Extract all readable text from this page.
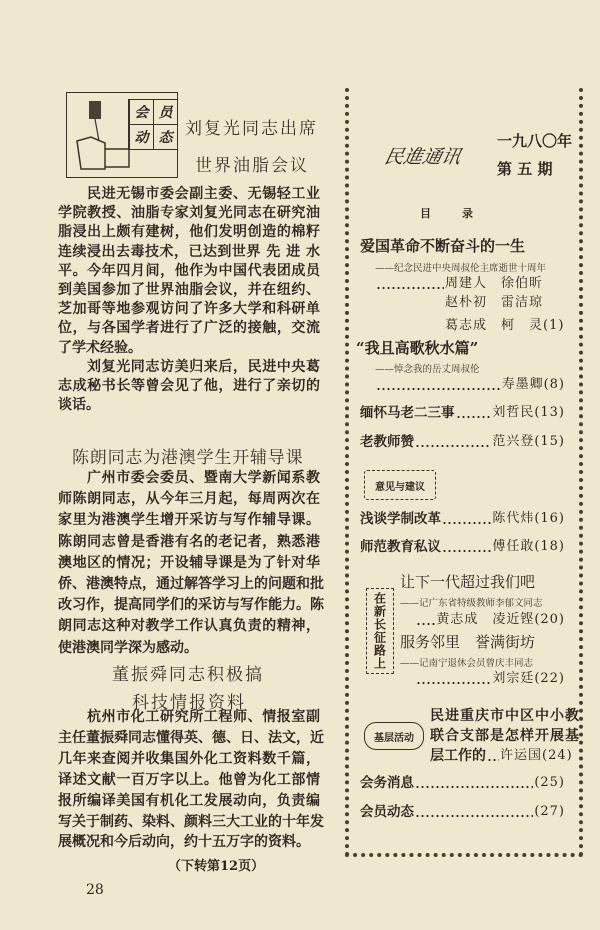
会 员
动 态 刘复光同志出席
世界油脂会议
民进无锡市委会副主委、无锡轻工业
学院教授、油脂专家刘复光同志在研究油
脂浸出上颇有建树，他们发明创造的棉籽
连续浸出去毒技术，已达到世界 先 进 水
平。今年四月间，他作为中国代表团成员
到美国参加了世界油脂会议，并在纽约、
芝加哥等地参观访问了许多大学和科研单
位，与各国学者进行了广泛的接触，交流
了学术经验。
刘复光同志访美归来后，民进中央葛
志成秘书长等曾会见了他，进行了亲切的
谈话。
陈朗同志为港澳学生开辅导课
广州市委会委员、暨南大学新闻系教
师陈朗同志，从今年三月起，每周两次在
家里为港澳学生增开采访与写作辅导课。
陈朗同志曾是香港有名的老记者，熟悉港
澳地区的情况；开设辅导课是为了针对华
侨、港澳特点，通过解答学习上的问题和批
改习作，提高同学们的采访与写作能力。陈
朗同志这种对教学工作认真负责的精神，
使港澳同学深为感动。
董振舜同志积极搞
科技情报资料
杭州市化工研究所工程师、情报室副
主任董振舜同志懂得英、德、日、法文，近
几年来查阅并收集国外化工资料数千篇，
译述文献一百万字以上。他曾为化工部情
报所编译美国有机化工发展动向，负责编
写关于制药、染料、颜料三大工业的十年发
展概况和今后动向，约十五万字的资料。
（下转第12页）
28
民進通讯
一九八〇年
第 五 期
目　　录
爱国革命不断奋斗的一生
——纪念民进中央周叔伦主席逝世十周年
周建人　徐伯昕
赵朴初　雷洁琼
葛志成　柯　灵(1)
“我且高歌秋水篇”
——悼念我的岳丈周叔伦
寿墨卿(8)
缅怀马老二三事	刘哲民(13)
老教师赞	范兴登(15)
意见与建议
浅谈学制改革	陈代炜(16)
师范教育私议	傅任敢(18)
在新长征路上
让下一代超过我们吧
——记广东省特级教师李郁文同志
黄志成　凌近铿(20)
服务邻里　誉满街坊
——记南宁退休会员曾庆丰同志
刘宗廷(22)
基层活动
民进重庆市中区中小教
联合支部是怎样开展基
层工作的 许运国(24)
会务消息	(25)
会员动态	(27)
